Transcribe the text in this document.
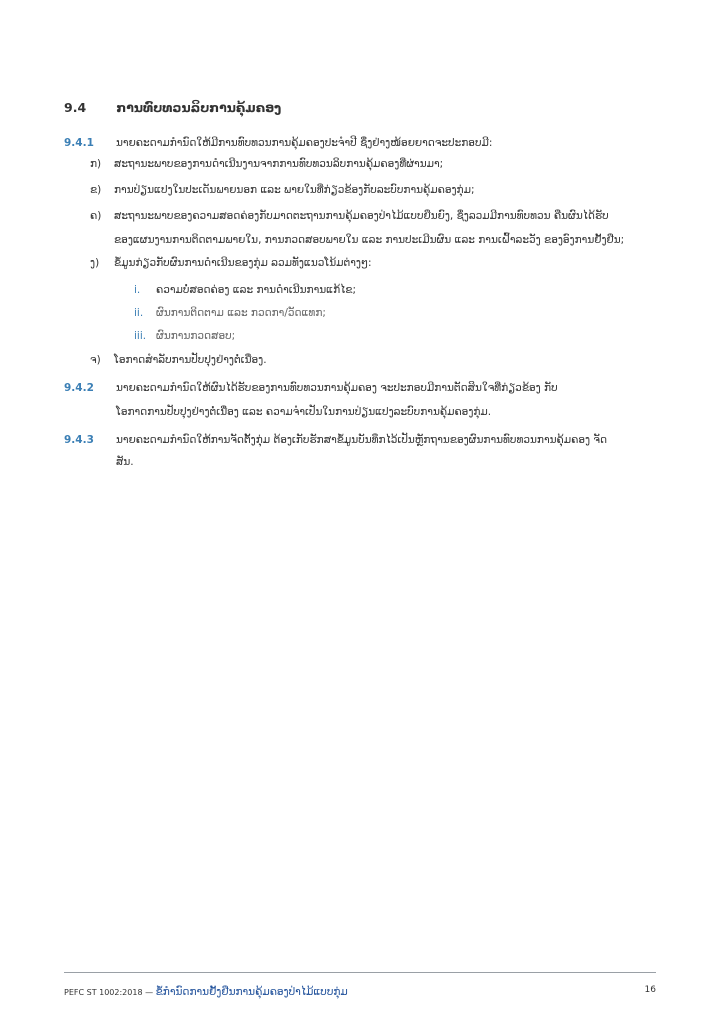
9.4 ການທົບທວນລິບການຄຸ້ມຄອງ
9.4.1 ນາຍຄະດາມກຳນົດໃຫ້ມີການທົບທວນການຄຸ້ມຄອງປະຈຳປີ ຊຶ່ງຢ່າງໜ້ອຍຍາດຈະປະກອບມີ:
ກ) ສະຖານະພາບຂອງການດຳເນີນງານຈາກການທົບທວນລິບການຄຸ້ມຄອງທີ່ຜ່ານມາ;
ຂ) ການປ່ຽນແປງໃນປະເດັນພາຍນອກ ແລະ ພາຍໃນທີ່ກ່ຽວຂ້ອງກັບລະບົບການຄຸ້ມຄອງກຸ່ມ;
ຄ) ສະຖານະພາບຂອງຄວາມສອດຄ່ອງກັບມາດຕະຖານການຄຸ້ມຄອງປ່າໄມ້ແບບຍືນຍົງ, ຊຶ່ງລວມມີການທົບທວນ ຄືນຜົນໄດ້ຮັບ
ຂອງແຜນງານການຕິດຕາມພາຍໃນ, ການກວດສອບພາຍໃນ ແລະ ການປະເມີນຜົນ ແລະ ການເຝົ້າລະວັງ ຂອງອົງການຢັ້ງຢືນ;
ງ) ຂໍ້ມູນກ່ຽວກັບຜົນການດຳເນີນຂອງກຸ່ມ ລວມທັງແນວໂນ້ມຕ່າງໆ:
i. ຄວາມບໍ່ສອດຄ່ອງ ແລະ ການດຳເນີນການແກ້ໄຂ;
ii. ຜົນການຕິດຕາມ ແລະ ກວດກາ/ວັດແທກ;
iii. ຜົນການກວດສອບ;
ຈ) ໂອກາດສຳລັບການປັບປຸງຢ່າງຕໍ່ເນື່ອງ.
9.4.2 ນາຍຄະດາມກຳນົດໃຫ້ຜົນໄດ້ຮັບຂອງການທົບທວນການຄຸ້ມຄອງ ຈະປະກອບມີການຕັດສິນໃຈທີ່ກ່ຽວຂ້ອງ ກັບ
ໂອກາດການປັບປຸງຢ່າງຕໍ່ເນື່ອງ ແລະ ຄວາມຈຳເປັນໃນການປ່ຽນແປງລະບົບການຄຸ້ມຄອງກຸ່ມ.
9.4.3 ນາຍຄະດາມກຳນົດໃຫ້ການຈັດຕັ້ງກຸ່ມ ຕ້ອງເກັບຮັກສາຂໍ້ມູນບັນທຶກໄວ້ເປັນຫຼັກຖານຂອງຜົນການທົບທວນການຄຸ້ມຄອງ ຈັດ
ສັນ.
PEFC ST 1002:2018 — ຂໍ້ກຳນົດການຢັ້ງຢືນການຄຸ້ມຄອງປ່າໄມ້ແບບກຸ່ມ	16
